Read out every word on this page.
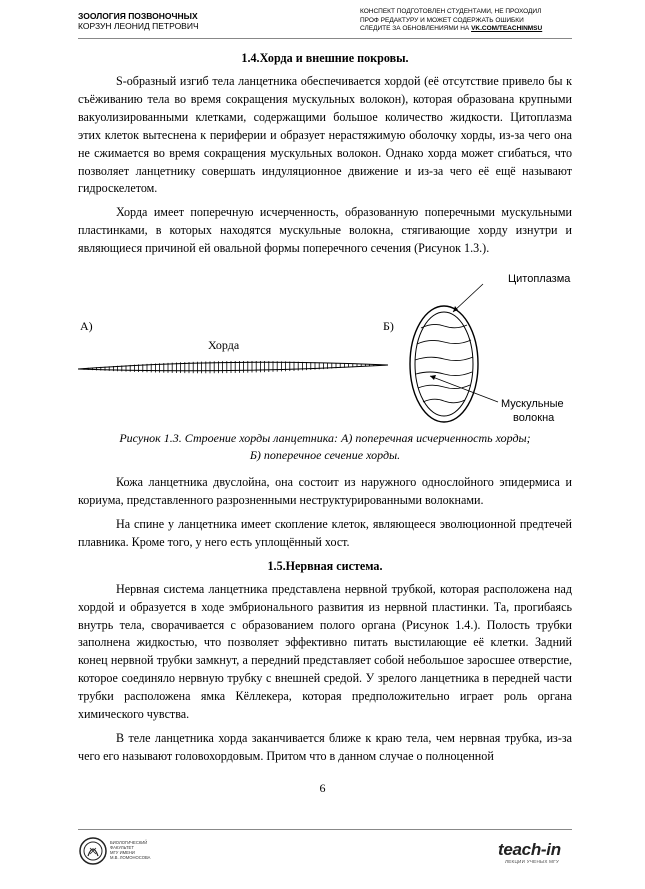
ЗООЛОГИЯ ПОЗВОНОЧНЫХ
КОРЗУН ЛЕОНИД ПЕТРОВИЧ
КОНСПЕКТ ПОДГОТОВЛЕН СТУДЕНТАМИ, НЕ ПРОХОДИЛ
ПРОФ РЕДАКТУРУ И МОЖЕТ СОДЕРЖАТЬ ОШИБКИ
СЛЕДИТЕ ЗА ОБНОВЛЕНИЯМИ НА VK.COM/TEACHINMSU
1.4.Хорда и внешние покровы.

S-образный изгиб тела ланцетника обеспечивается хордой (её отсутствие привело бы к съёживанию тела во время сокращения мускульных волокон), которая образована крупными вакуолизированными клетками, содержащими большое количество жидкости. Цитоплазма этих клеток вытеснена к периферии и образует нерастяжимую оболочку хорды, из-за чего она не сжимается во время сокращения мускульных волокон. Однако хорда может сгибаться, что позволяет ланцетнику совершать индуляционное движение и из-за чего её ещё называют гидроскелетом.

Хорда имеет поперечную исчерченность, образованную поперечными мускульными пластинками, в которых находятся мускульные волокна, стягивающие хорду изнутри и являющиеся причиной ей овальной формы поперечного сечения (Рисунок 1.3.).

А)
Хорда
Б)
Цитоплазма
Мускульные
волокна
Рисунок 1.3. Строение хорды ланцетника: А) поперечная исчерченность хорды;
Б) поперечное сечение хорды.

Кожа ланцетника двуслойна, она состоит из наружного однослойного эпидермиса и кориума, представленного разрозненными неструктурированными волокнами.

На спине у ланцетника имеет скопление клеток, являющееся эволюционной предтечей плавника. Кроме того, у него есть уплощённый хост.

1.5.Нервная система.

Нервная система ланцетника представлена нервной трубкой, которая расположена над хордой и образуется в ходе эмбрионального развития из нервной пластинки. Та, прогибаясь внутрь тела, сворачивается с образованием полого органа (Рисунок 1.4.). Полость трубки заполнена жидкостью, что позволяет эффективно питать выстилающие её клетки. Задний конец нервной трубки замкнут, а передний представляет собой небольшое заросшее отверстие, которое соединяло нервную трубку с внешней средой. У зрелого ланцетника в передней части трубки расположена ямка Кёллекера, которая предположительно играет роль органа химического чувства.

В теле ланцетника хорда заканчивается ближе к краю тела, чем нервная трубка, из-за чего его называют головохордовым. Притом что в данном случае о полноценной

6
БИОЛОГИЧЕСКИЙ
ФАКУЛЬТЕТ
МГУ ИМЕНИ
М.В. ЛОМОНОСОВА	teach-in
ЛЕКЦИИ УЧЕНЫХ МГУ
